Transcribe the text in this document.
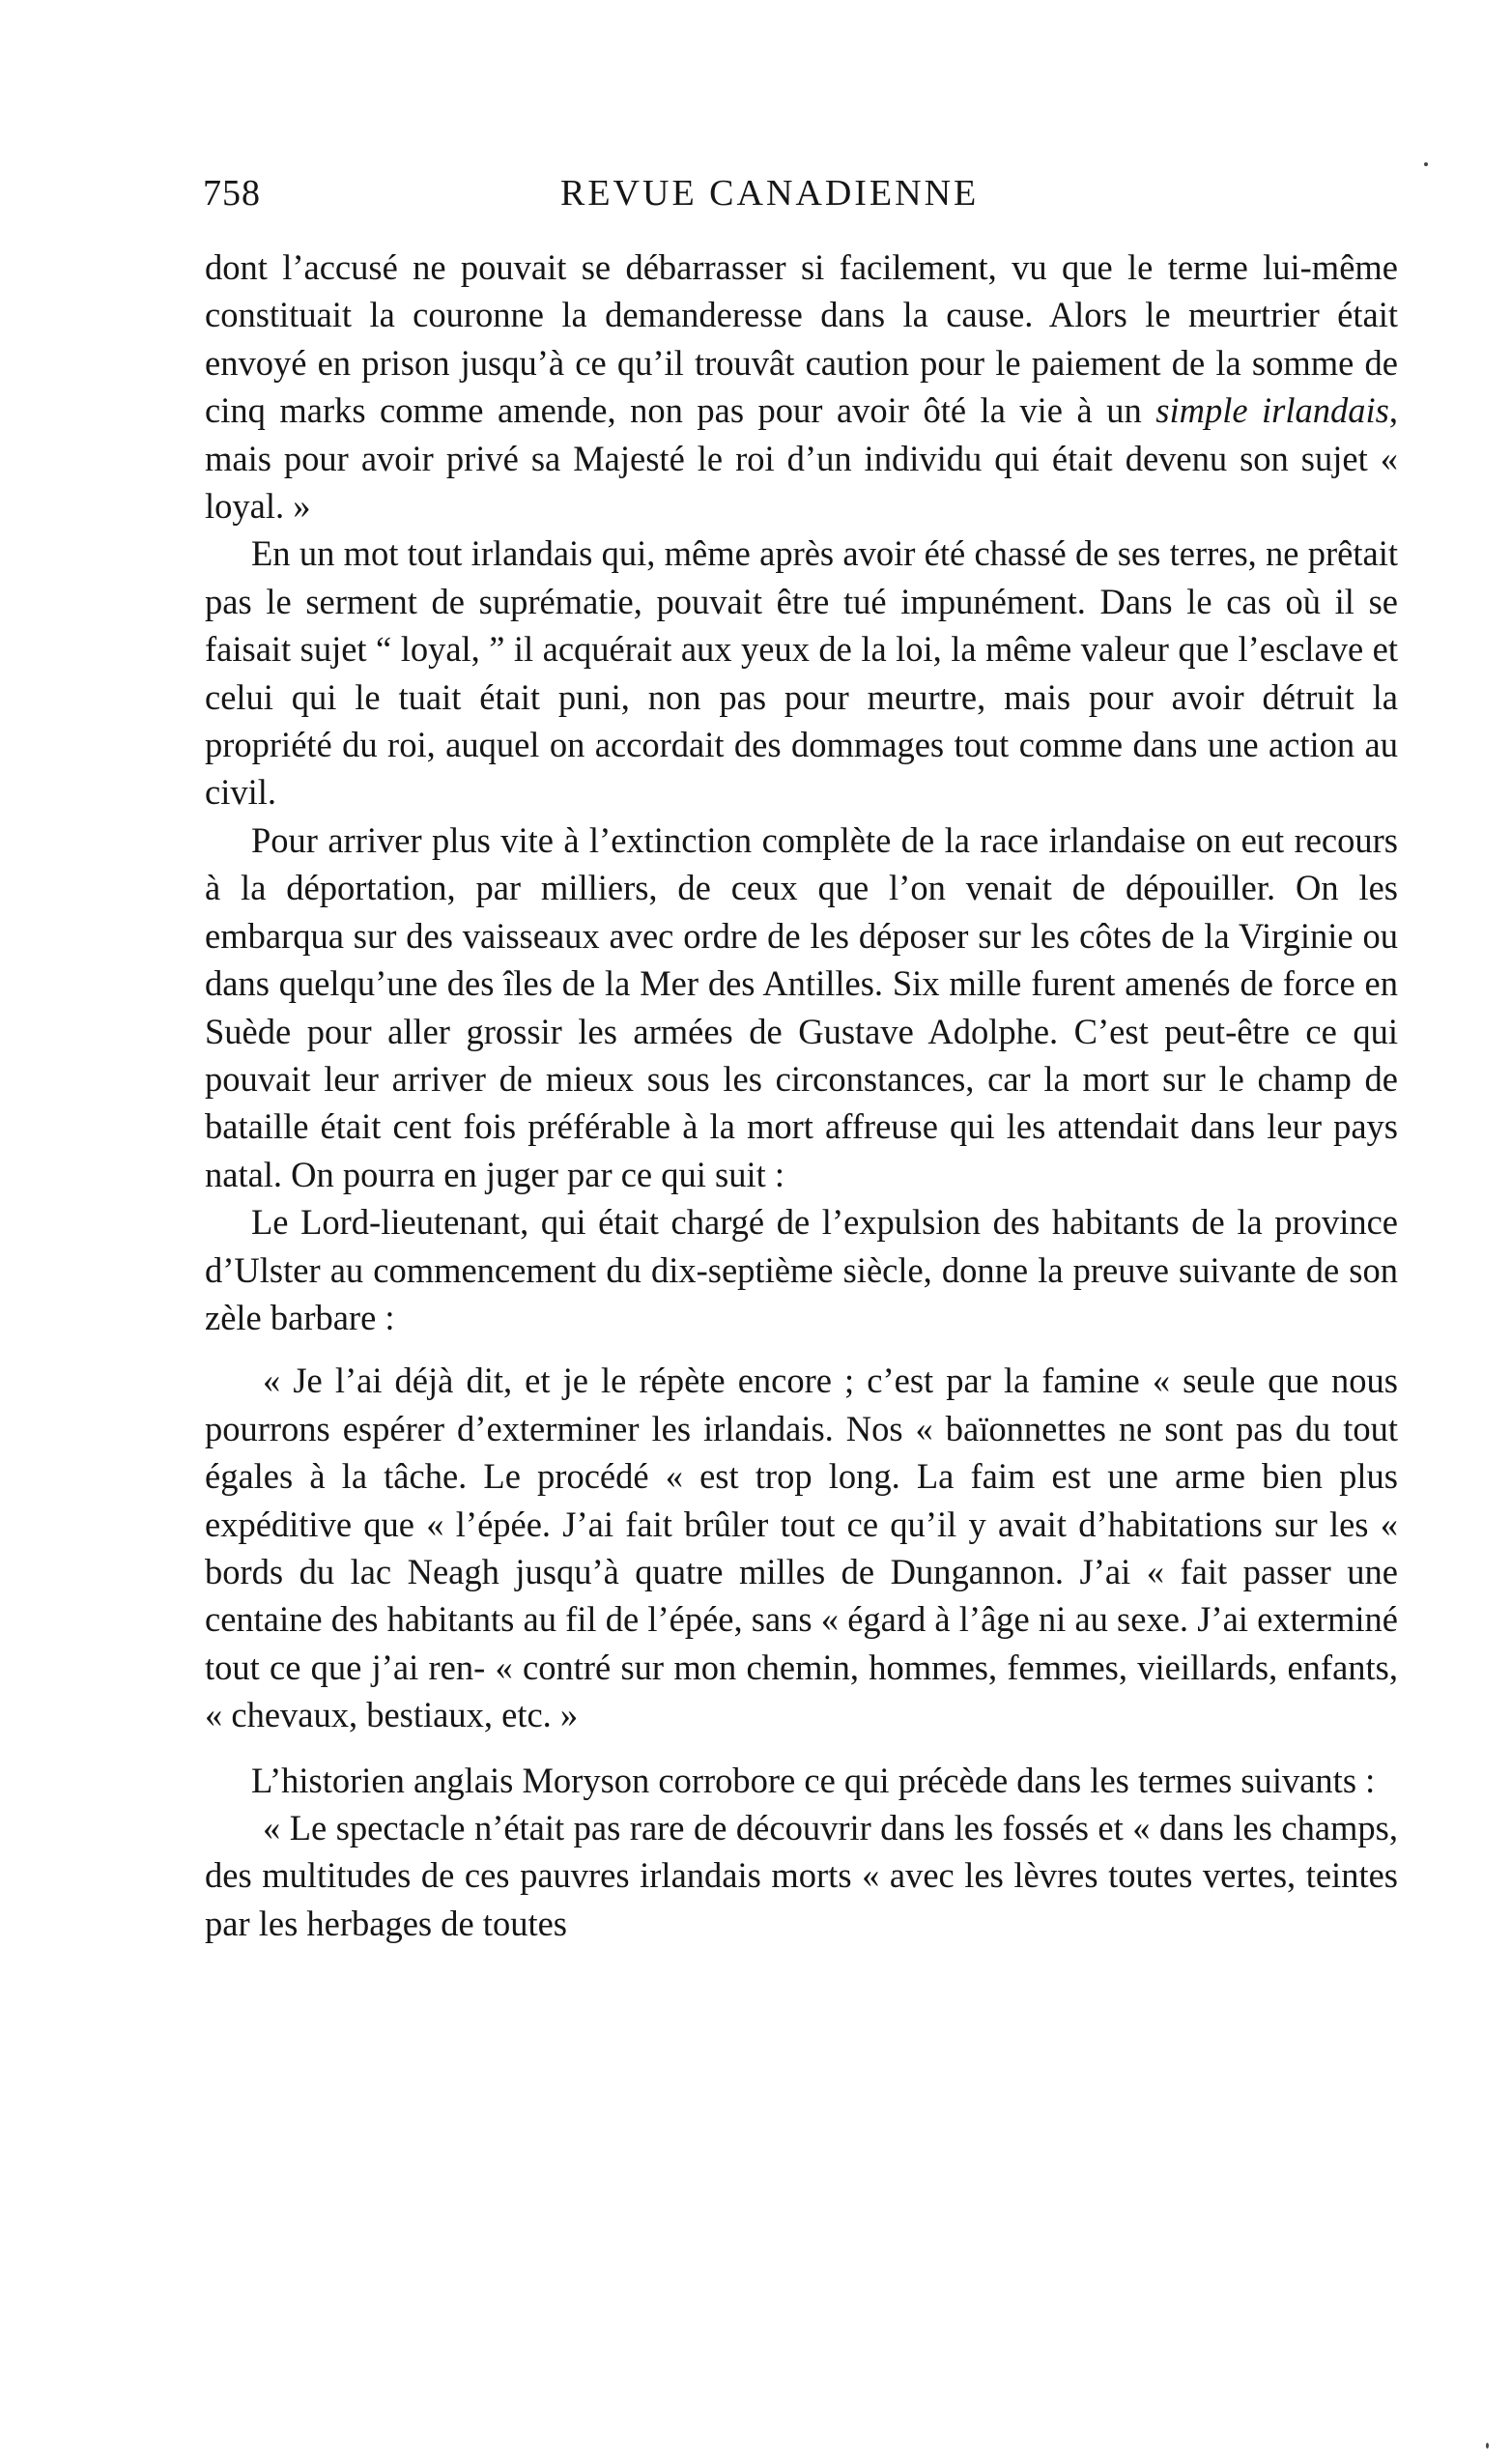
758	REVUE CANADIENNE

dont l’accusé ne pouvait se débarrasser si facilement, vu que le terme lui-même constituait la couronne la demanderesse dans la cause. Alors le meurtrier était envoyé en prison jusqu’à ce qu’il trouvât caution pour le paiement de la somme de cinq marks comme amende, non pas pour avoir ôté la vie à un simple irlandais, mais pour avoir privé sa Majesté le roi d’un individu qui était devenu son sujet « loyal. »

En un mot tout irlandais qui, même après avoir été chassé de ses terres, ne prêtait pas le serment de suprématie, pouvait être tué impunément. Dans le cas où il se faisait sujet “ loyal, ” il acquérait aux yeux de la loi, la même valeur que l’esclave et celui qui le tuait était puni, non pas pour meurtre, mais pour avoir détruit la propriété du roi, auquel on accordait des dommages tout comme dans une action au civil.

Pour arriver plus vite à l’extinction complète de la race irlandaise on eut recours à la déportation, par milliers, de ceux que l’on venait de dépouiller. On les embarqua sur des vaisseaux avec ordre de les déposer sur les côtes de la Virginie ou dans quelqu’une des îles de la Mer des Antilles. Six mille furent amenés de force en Suède pour aller grossir les armées de Gustave Adolphe. C’est peut-être ce qui pouvait leur arriver de mieux sous les circonstances, car la mort sur le champ de bataille était cent fois préférable à la mort affreuse qui les attendait dans leur pays natal. On pourra en juger par ce qui suit :

Le Lord-lieutenant, qui était chargé de l’expulsion des habitants de la province d’Ulster au commencement du dix-septième siècle, donne la preuve suivante de son zèle barbare :

« Je l’ai déjà dit, et je le répète encore ; c’est par la famine « seule que nous pourrons espérer d’exterminer les irlandais. Nos « baïonnettes ne sont pas du tout égales à la tâche. Le procédé « est trop long. La faim est une arme bien plus expéditive que « l’épée. J’ai fait brûler tout ce qu’il y avait d’habitations sur les « bords du lac Neagh jusqu’à quatre milles de Dungannon. J’ai « fait passer une centaine des habitants au fil de l’épée, sans « égard à l’âge ni au sexe. J’ai exterminé tout ce que j’ai ren- « contré sur mon chemin, hommes, femmes, vieillards, enfants, « chevaux, bestiaux, etc. »

L’historien anglais Moryson corrobore ce qui précède dans les termes suivants :

« Le spectacle n’était pas rare de découvrir dans les fossés et « dans les champs, des multitudes de ces pauvres irlandais morts « avec les lèvres toutes vertes, teintes par les herbages de toutes
